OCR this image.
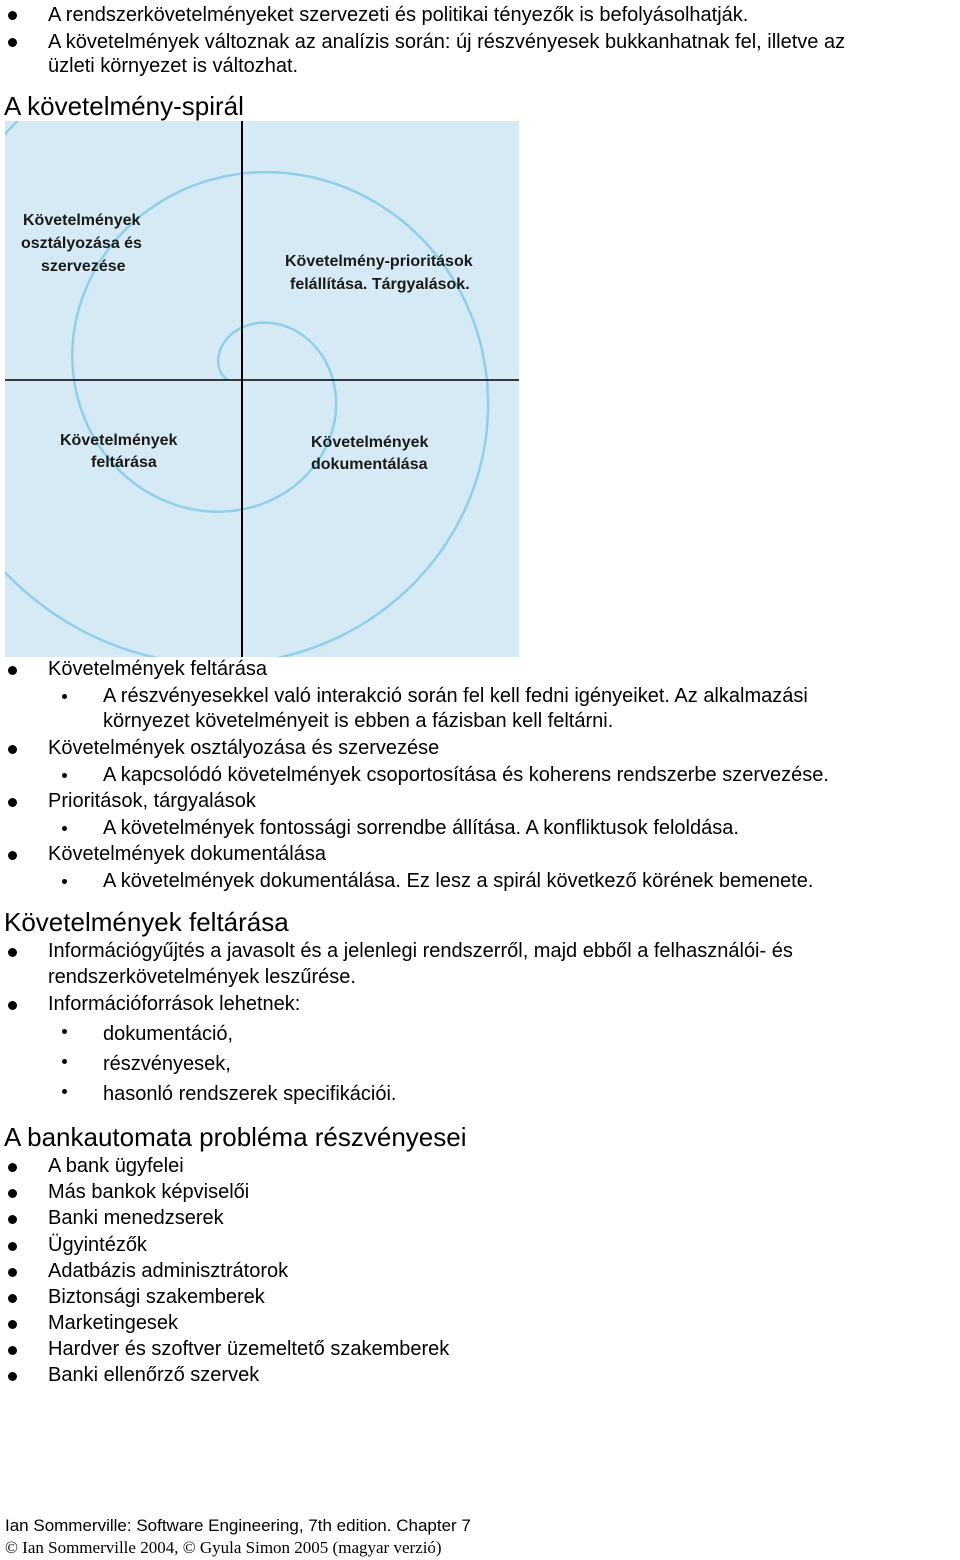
A rendszerkövetelményeket szervezeti és politikai tényezők is befolyásolhatják.

A követelmények változnak az analízis során: új részvényesek bukkanhatnak fel, illetve az

üzleti környezet is változhat.

A követelmény-spirál
Követelmények
osztályozása és
szervezése	Követelmény-prioritások
felállítása. Tárgyalások.
Követelmények
feltárása
Követelmények
dokumentálása

Követelmények feltárása

A részvényesekkel való interakció során fel kell fedni igényeiket. Az alkalmazási

környezet követelményeit is ebben a fázisban kell feltárni.

Követelmények osztályozása és szervezése

A kapcsolódó követelmények csoportosítása és koherens rendszerbe szervezése.

Prioritások, tárgyalások

A követelmények fontossági sorrendbe állítása. A konfliktusok feloldása.

Követelmények dokumentálása

A követelmények dokumentálása. Ez lesz a spirál következő körének bemenete.

Követelmények feltárása

Információgyűjtés a javasolt és a jelenlegi rendszerről, majd ebből a felhasználói- és

rendszerkövetelmények leszűrése.

Információforrások lehetnek:

dokumentáció,

részvényesek,

hasonló rendszerek specifikációi.

A bankautomata probléma részvényesei

A bank ügyfelei

Más bankok képviselői

Banki menedzserek

Ügyintézők

Adatbázis adminisztrátorok

Biztonsági szakemberek

Marketingesek

Hardver és szoftver üzemeltető szakemberek

Banki ellenőrző szervek

Ian Sommerville: Software Engineering, 7th edition. Chapter 7

© Ian Sommerville 2004, © Gyula Simon 2005 (magyar verzió)
